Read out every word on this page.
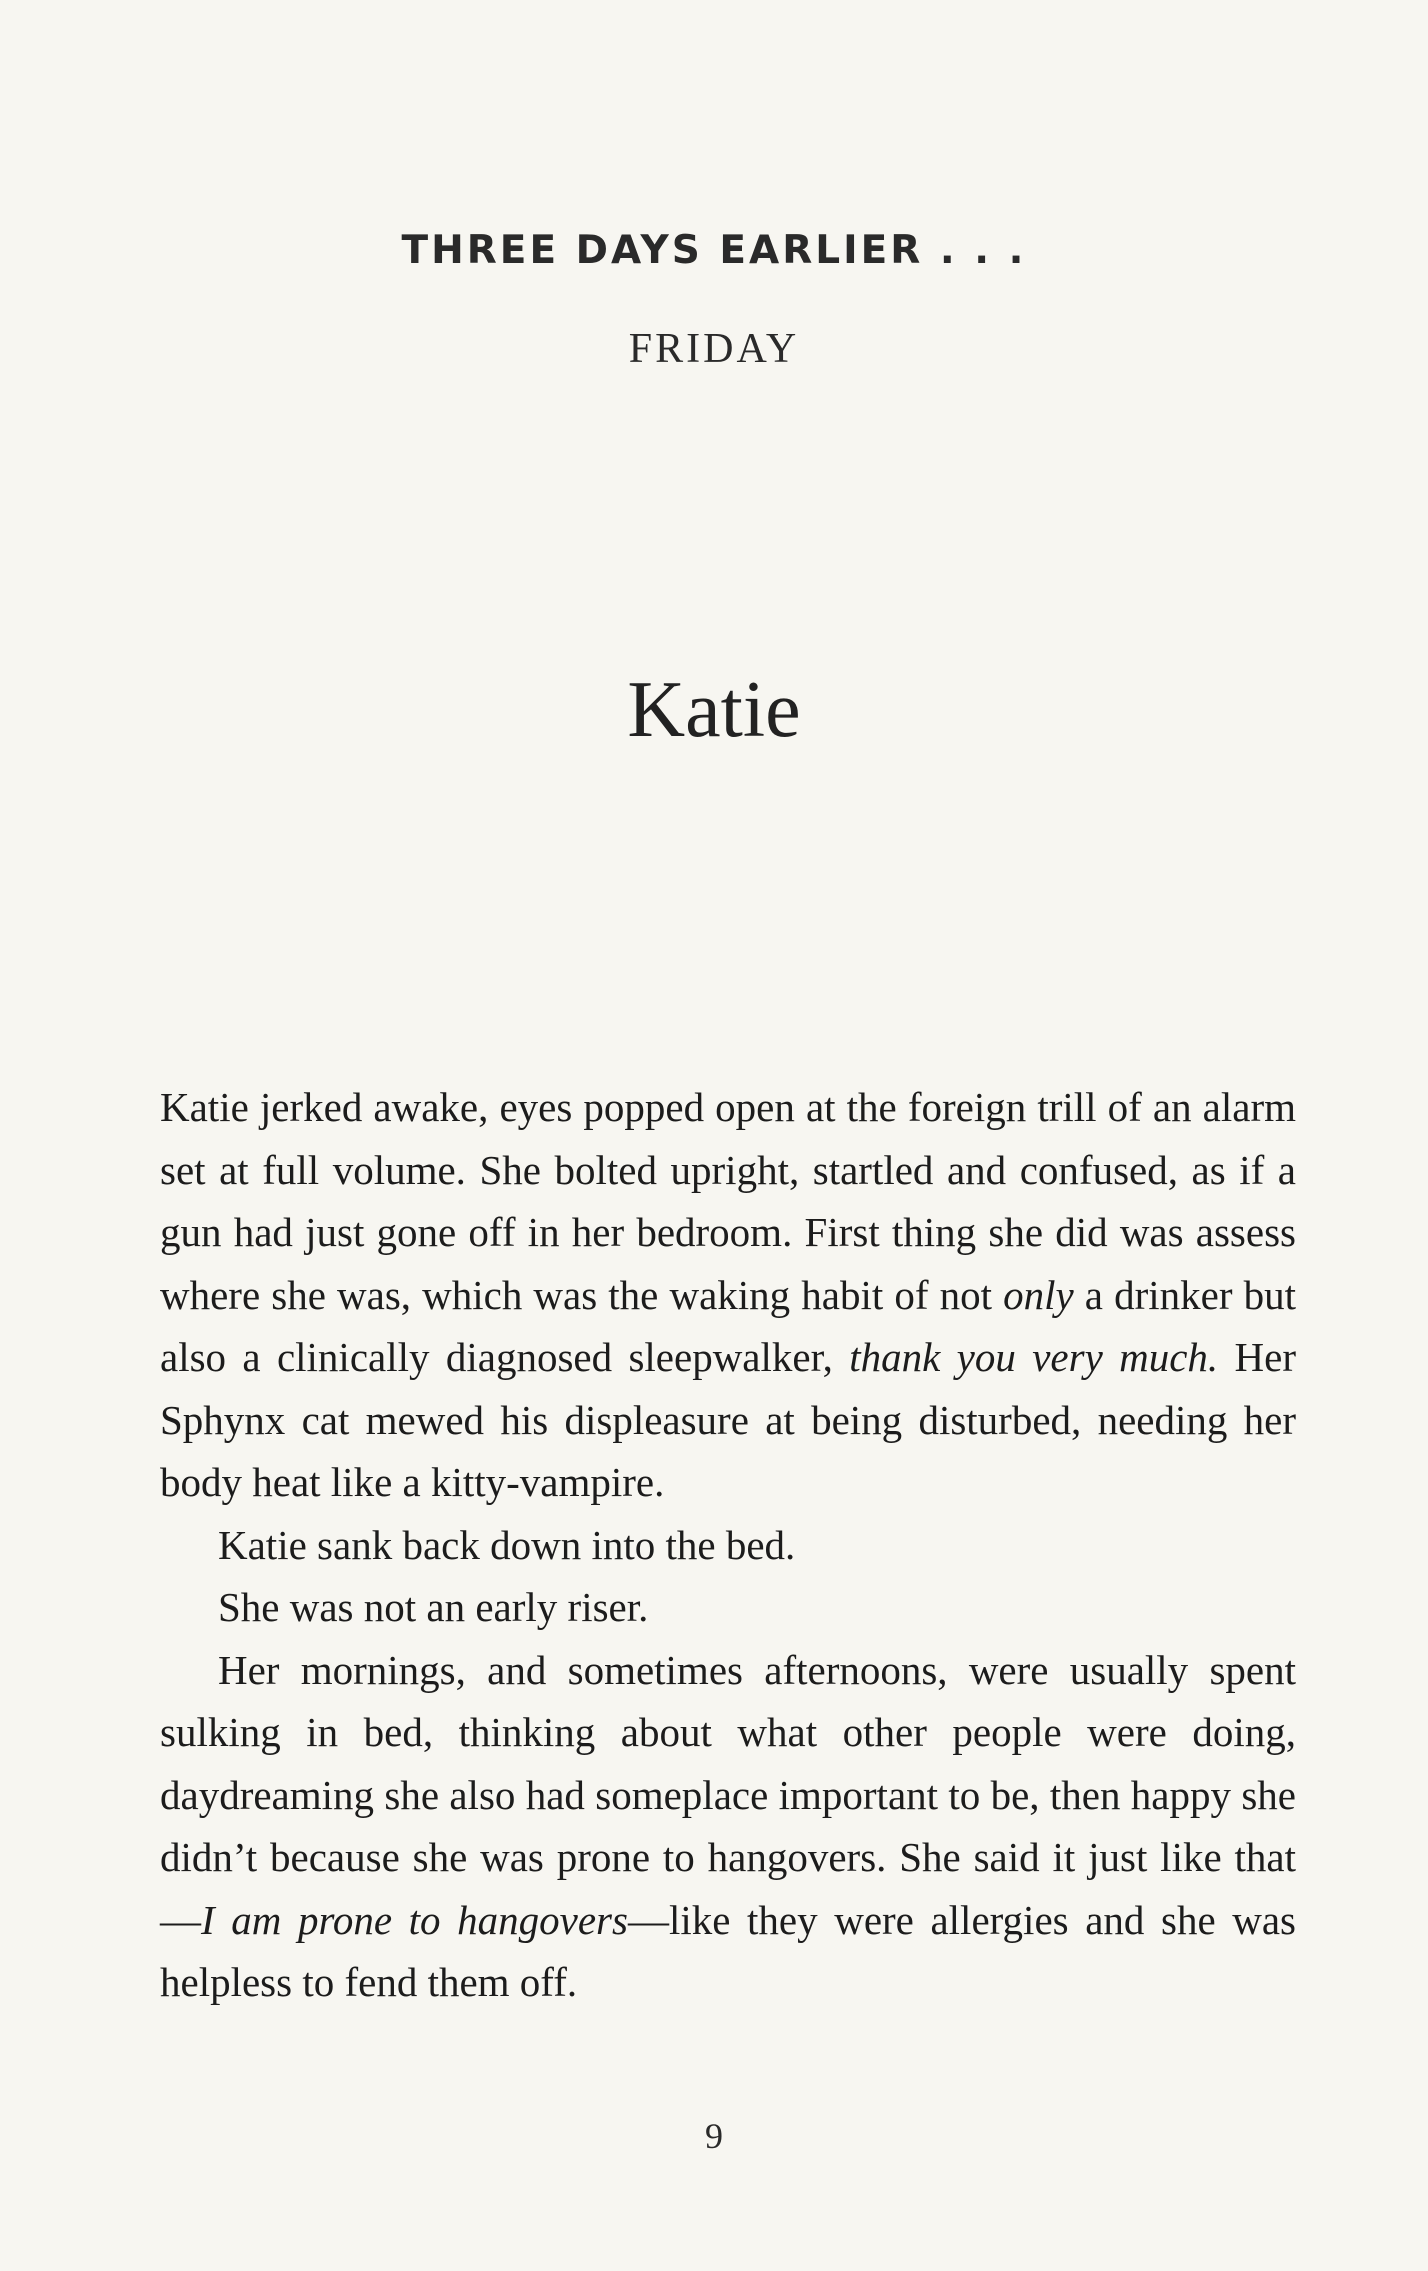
THREE DAYS EARLIER . . .
FRIDAY
Katie

Katie jerked awake, eyes popped open at the foreign trill of an alarm set at full volume. She bolted upright, startled and confused, as if a gun had just gone off in her bedroom. First thing she did was assess where she was, which was the waking habit of not only a drinker but also a clinically diagnosed sleepwalker, thank you very much. Her Sphynx cat mewed his displeasure at being disturbed, needing her body heat like a kitty-vampire.

Katie sank back down into the bed.

She was not an early riser.

Her mornings, and sometimes afternoons, were usually spent sulking in bed, thinking about what other people were doing, daydreaming she also had someplace important to be, then happy she didn’t because she was prone to hangovers. She said it just like that—I am prone to hangovers—like they were allergies and she was helpless to fend them off.

9
